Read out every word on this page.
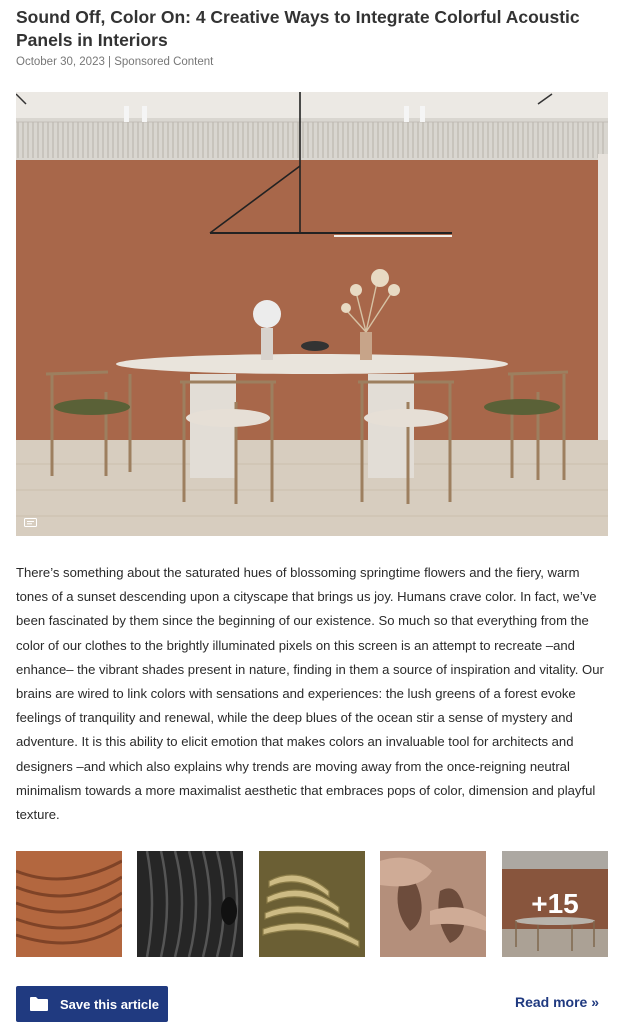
Sound Off, Color On: 4 Creative Ways to Integrate Colorful Acoustic Panels in Interiors
October 30, 2023 | Sponsored Content
There’s something about the saturated hues of blossoming springtime flowers and the fiery, warm tones of a sunset descending upon a cityscape that brings us joy. Humans crave color. In fact, we’ve been fascinated by them since the beginning of our existence. So much so that everything from the color of our clothes to the brightly illuminated pixels on this screen is an attempt to recreate –and enhance– the vibrant shades present in nature, finding in them a source of inspiration and vitality. Our brains are wired to link colors with sensations and experiences: the lush greens of a forest evoke feelings of tranquility and renewal, while the deep blues of the ocean stir a sense of mystery and adventure. It is this ability to elicit emotion that makes colors an invaluable tool for architects and designers –and which also explains why trends are moving away from the once-reigning neutral minimalism towards a more maximalist aesthetic that embraces pops of color, dimension and playful texture.
+15
Save this article	Read more »
